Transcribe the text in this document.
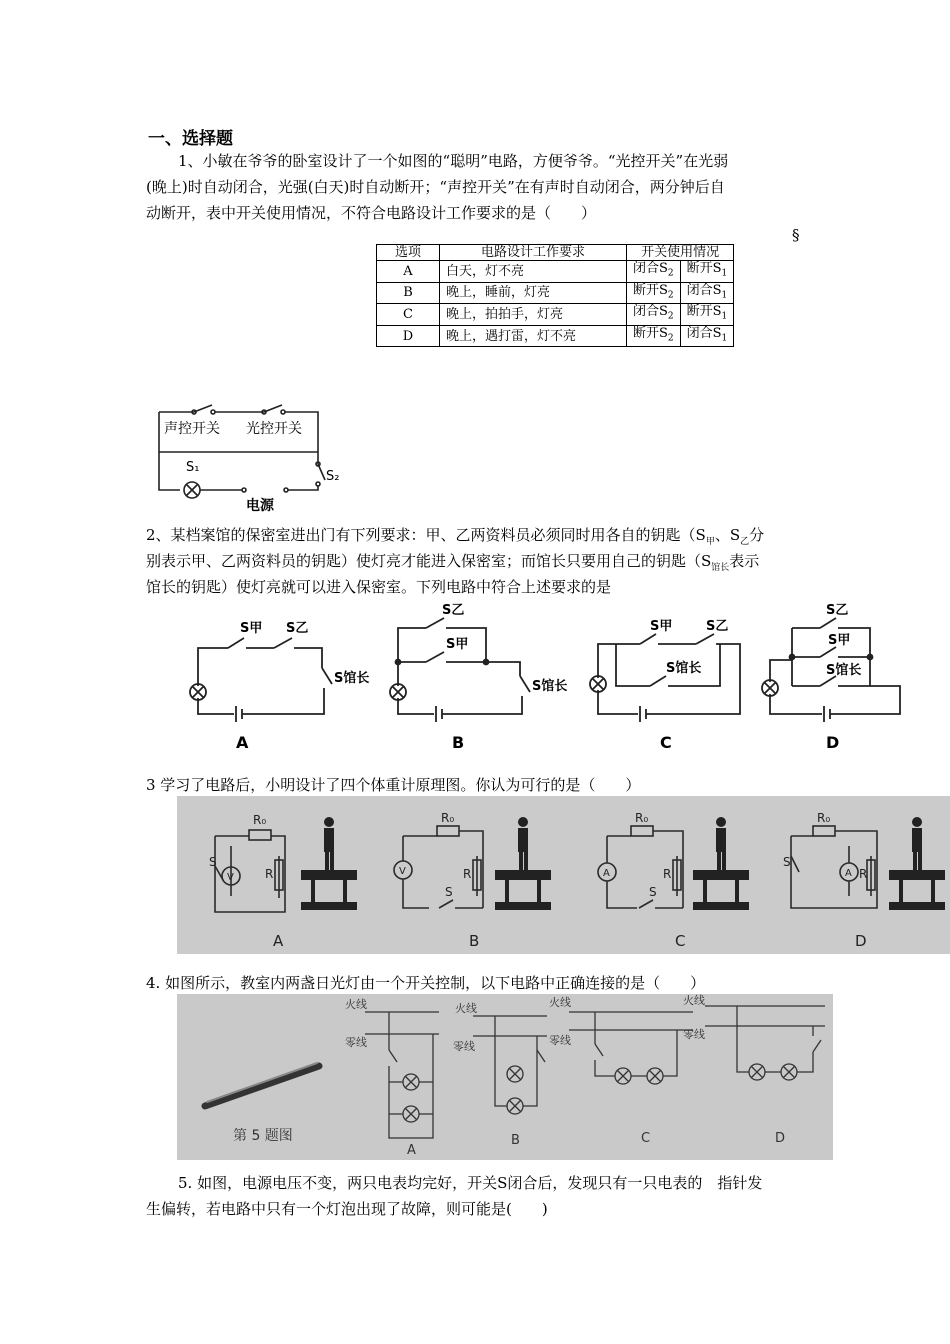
一、选择题
1、小敏在爷爷的卧室设计了一个如图的“聪明”电路，方便爷爷。“光控开关”在光弱
(晚上)时自动闭合，光强(白天)时自动断开；“声控开关”在有声时自动闭合，两分钟后自
动断开，表中开关使用情况，不符合电路设计工作要求的是（　　）
§
选项	电路设计工作要求	开关使用情况	
A	白天，灯不亮	闭合$S_2$	断开$S_1$
B	晚上，睡前，灯亮	断开$S_2$	闭合$S_1$
C	晚上，拍拍手，灯亮	闭合$S_2$	断开$S_1$
D	晚上，遇打雷，灯不亮	断开$S_2$	闭合$S_1$
声控开关 光控开关
S₁
S₂
电源
2、某档案馆的保密室进出门有下列要求：甲、乙两资料员必须同时用各自的钥匙（$S_甲$、$S_乙$分
别表示甲、乙两资料员的钥匙）使灯亮才能进入保密室；而馆长只要用自己的钥匙（$S_{馆长}$表示
馆长的钥匙）使灯亮就可以进入保密室。下列电路中符合上述要求的是
S甲 S乙
S馆长
S乙
S甲
S馆长
S甲	S乙
S馆长
S乙
S甲
S馆长
A	B	C	D
3 学习了电路后，小明设计了四个体重计原理图。你认为可行的是（　　）
R₀
S
V	R
R₀
V	R
S
R₀
A	R
S
R₀
S
A R
A	B	C	D
4. 如图所示，教室内两盏日光灯由一个开关控制，以下电路中正确连接的是（　　）
火线
零线
火线
零线
火线
零线
火线
零线
第 5 题图
A
B	C	D
5. 如图，电源电压不变，两只电表均完好，开关S闭合后，发现只有一只电表的　指针发
生偏转，若电路中只有一个灯泡出现了故障，则可能是(　　)
